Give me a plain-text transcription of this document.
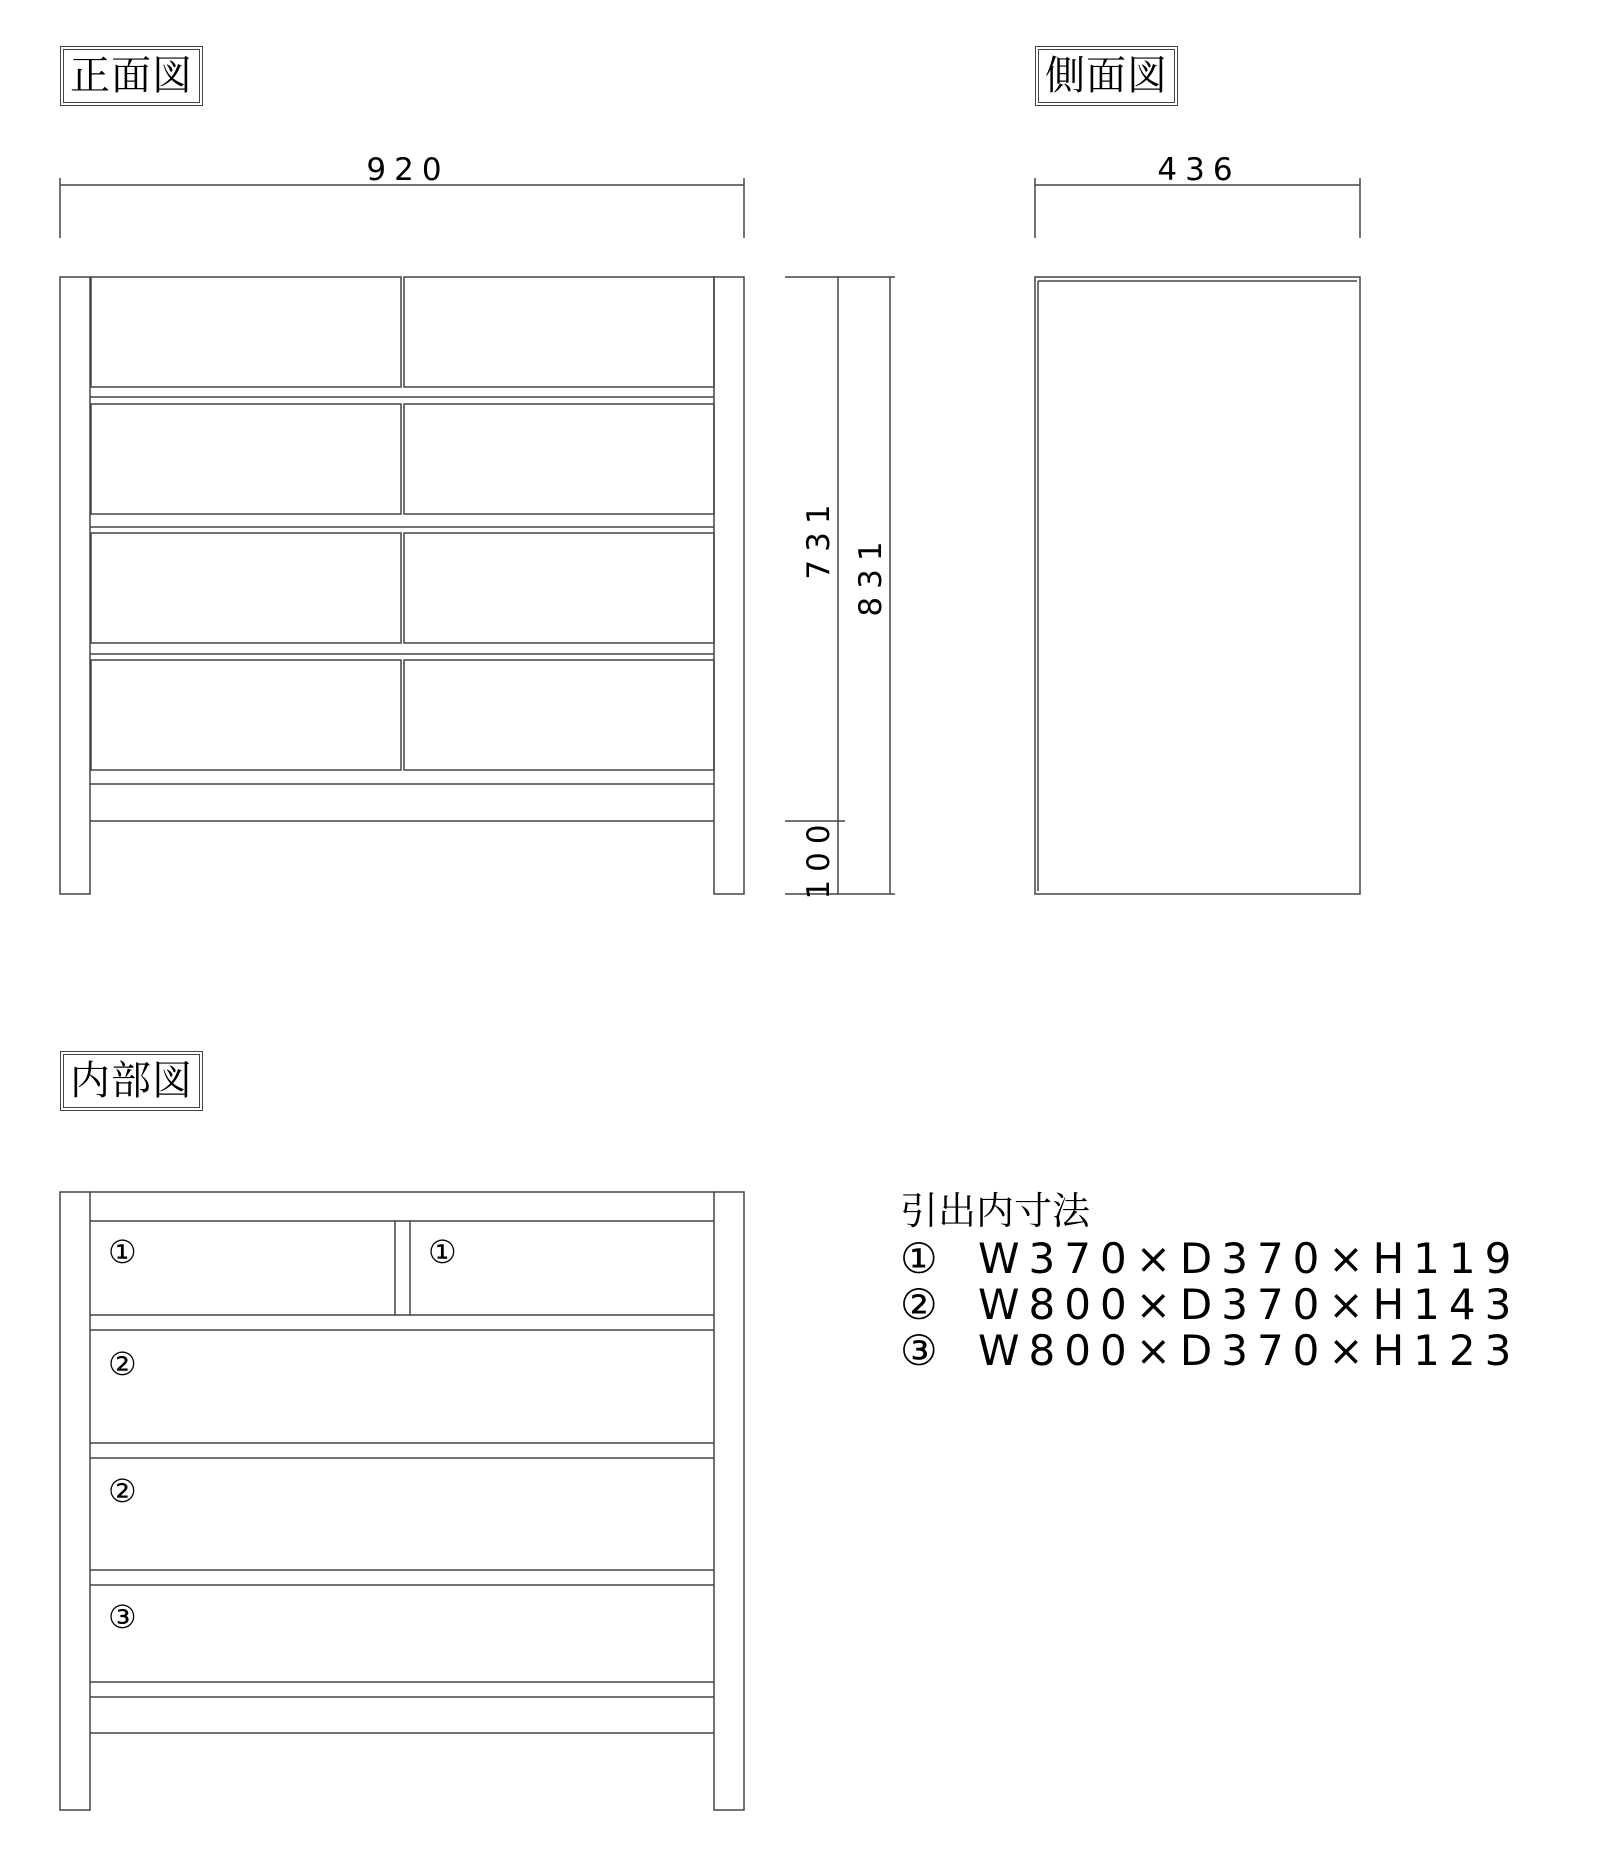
正面図	側面図
内部図
920	436
731 831
100
①	①
②
②
③
引出内寸法
① W370×D370×H119
② W800×D370×H143
③ W800×D370×H123
